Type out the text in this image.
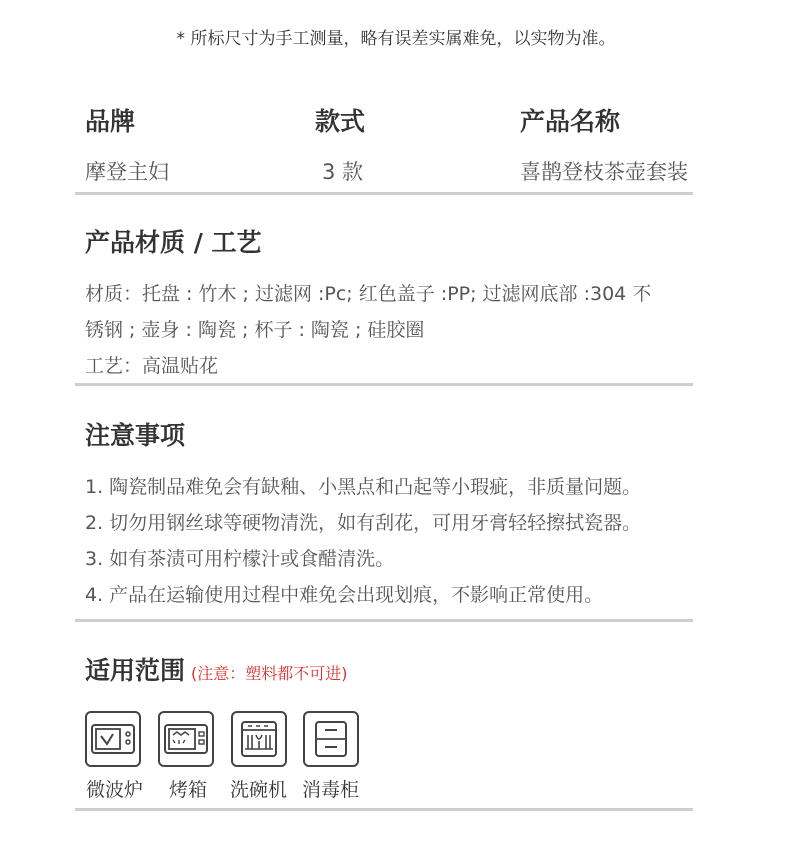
* 所标尺寸为手工测量，略有误差实属难免，以实物为准。
品牌	款式	产品名称
摩登主妇	3 款	喜鹊登枝茶壶套装
产品材质 / 工艺
材质：托盘 : 竹木 ; 过滤网 :Pc; 红色盖子 :PP; 过滤网底部 :304 不
锈钢 ; 壶身 : 陶瓷 ; 杯子 : 陶瓷 ; 硅胶圈
工艺：高温贴花
注意事项
1. 陶瓷制品难免会有缺釉、小黑点和凸起等小瑕疵，非质量问题。
2. 切勿用钢丝球等硬物清洗，如有刮花，可用牙膏轻轻擦拭瓷器。
3. 如有茶渍可用柠檬汁或食醋清洗。
4. 产品在运输使用过程中难免会出现划痕，不影响正常使用。
适用范围 (注意：塑料都不可进)
微波炉 烤箱 洗碗机 消毒柜
